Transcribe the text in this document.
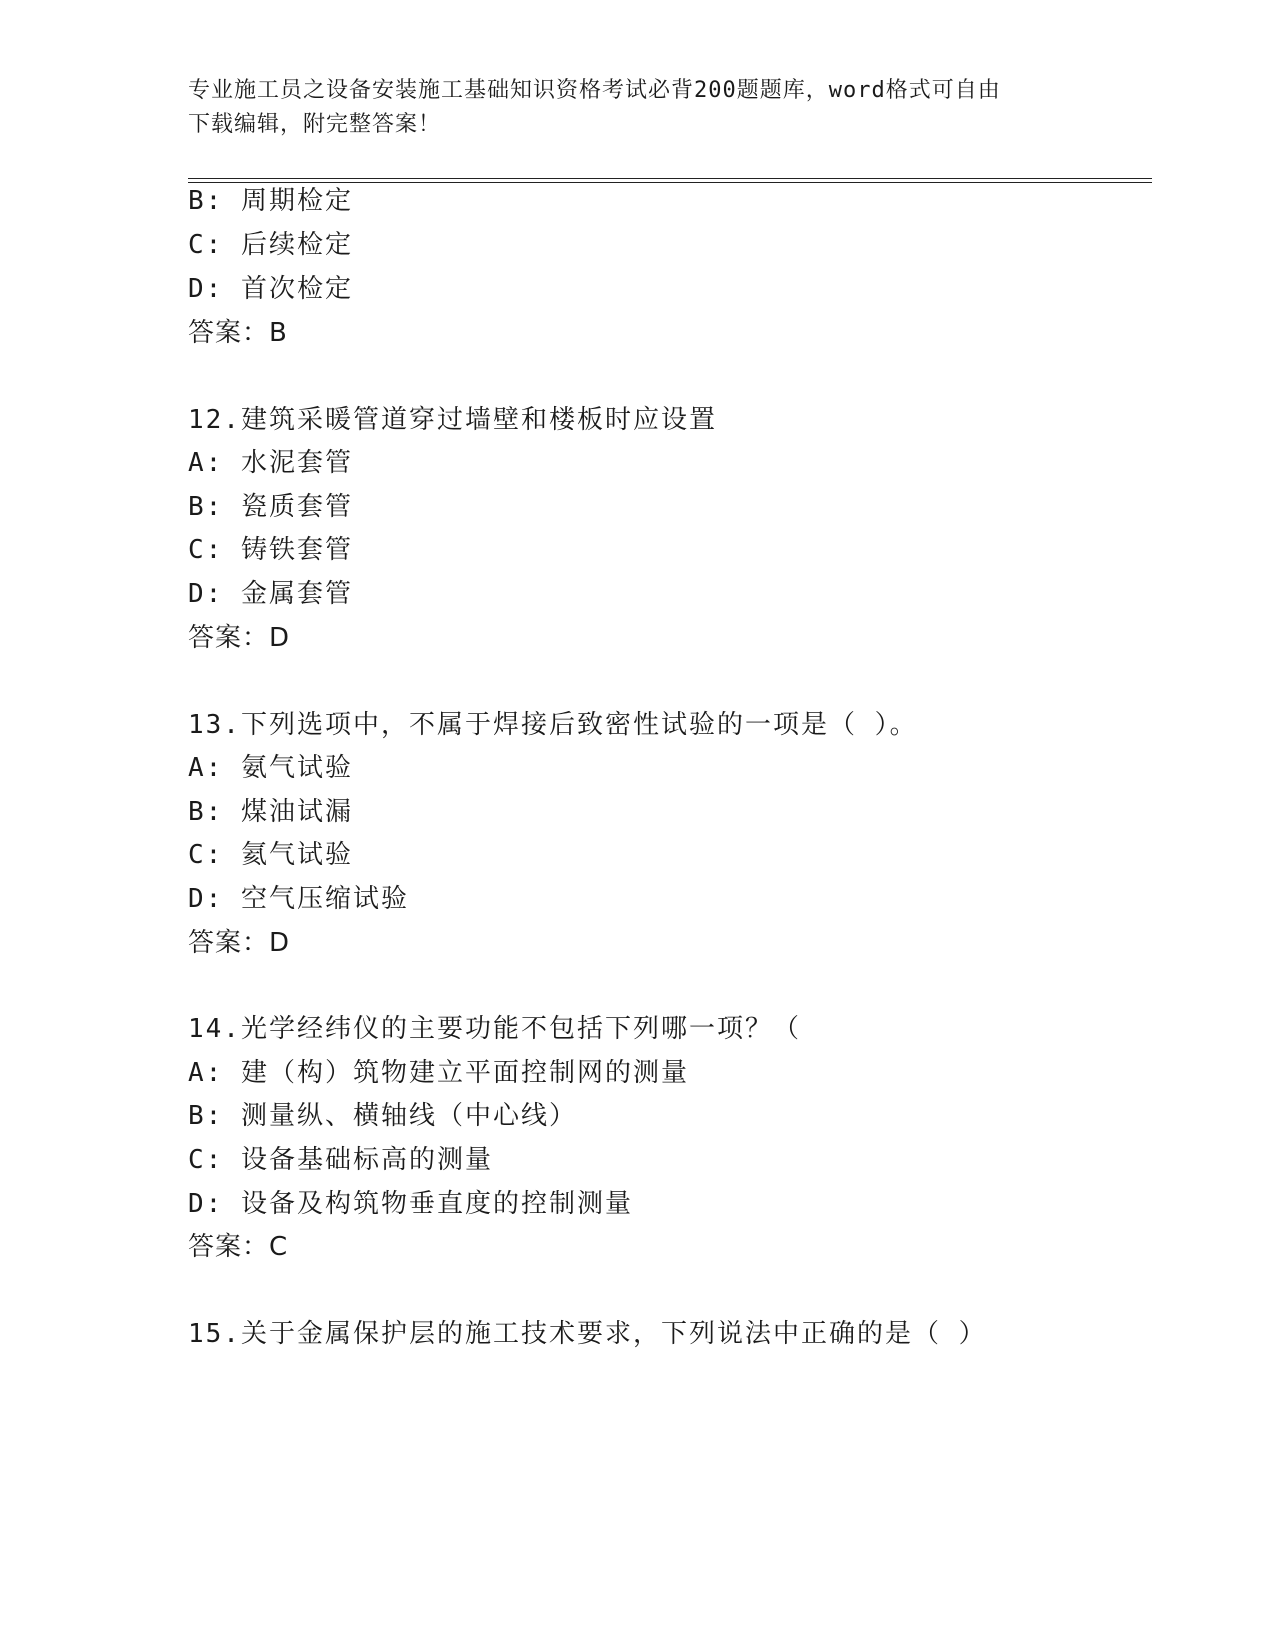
专业施工员之设备安装施工基础知识资格考试必背200题题库，word格式可自由
下载编辑，附完整答案！
B: 周期检定
C: 后续检定
D: 首次检定
答案：B
12.建筑采暖管道穿过墙壁和楼板时应设置
A: 水泥套管
B: 瓷质套管
C: 铸铁套管
D: 金属套管
答案：D
13.下列选项中，不属于焊接后致密性试验的一项是（ ）。
A: 氨气试验
B: 煤油试漏
C: 氦气试验
D: 空气压缩试验
答案：D
14.光学经纬仪的主要功能不包括下列哪一项？（
A: 建（构）筑物建立平面控制网的测量
B: 测量纵、横轴线（中心线）
C: 设备基础标高的测量
D: 设备及构筑物垂直度的控制测量
答案：C
15.关于金属保护层的施工技术要求，下列说法中正确的是（ ）
